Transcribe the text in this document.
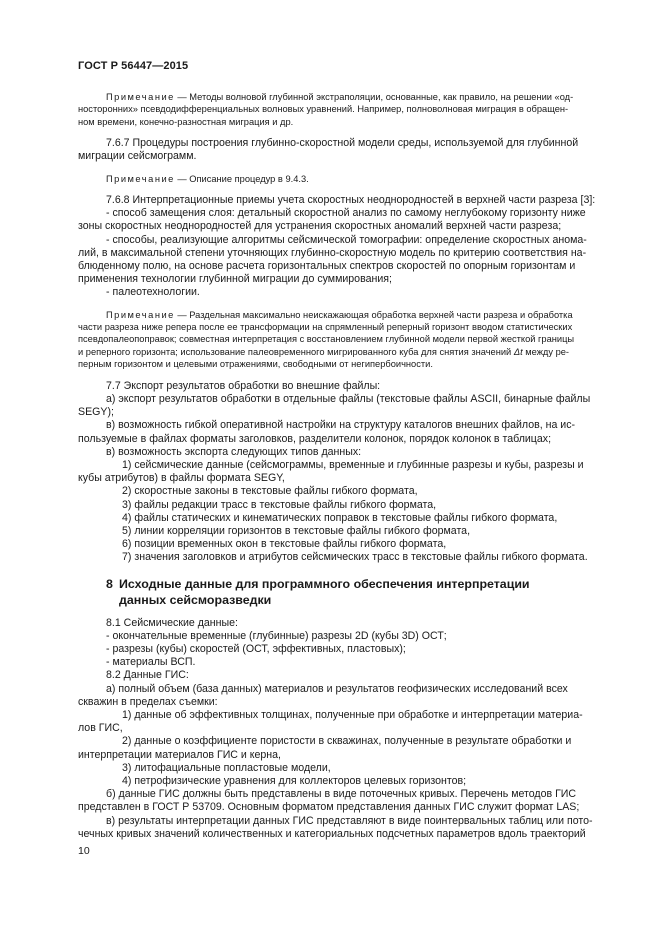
ГОСТ Р 56447—2015
Примечание — Методы волновой глубинной экстраполяции, основанные, как правило, на решении «од-
носторонних» псевдодифференциальных волновых уравнений. Например, полноволновая миграция в обращен-
ном времени, конечно-разностная миграция и др.
7.6.7 Процедуры построения глубинно-скоростной модели среды, используемой для глубинной
миграции сейсмограмм.
Примечание — Описание процедур в 9.4.3.
7.6.8 Интерпретационные приемы учета скоростных неоднородностей в верхней части разреза [3]:
- способ замещения слоя: детальный скоростной анализ по самому неглубокому горизонту ниже
зоны скоростных неоднородностей для устранения скоростных аномалий верхней части разреза;
- способы, реализующие алгоритмы сейсмической томографии: определение скоростных анома-
лий, в максимальной степени уточняющих глубинно-скоростную модель по критерию соответствия на-
блюденному полю, на основе расчета горизонтальных спектров скоростей по опорным горизонтам и
применения технологии глубинной миграции до суммирования;
- палеотехнологии.
Примечание — Раздельная максимально неискажающая обработка верхней части разреза и обработка
части разреза ниже репера после ее трансформации на спрямленный реперный горизонт вводом статистических
псевдопалеопоправок; совместная интерпретация с восстановлением глубинной модели первой жесткой границы
и реперного горизонта; использование палеовременного мигрированного куба для снятия значений Δt между ре-
перным горизонтом и целевыми отражениями, свободными от негипербоичности.
7.7 Экспорт результатов обработки во внешние файлы:
а) экспорт результатов обработки в отдельные файлы (текстовые файлы ASCII, бинарные файлы
SEGY);
в) возможность гибкой оперативной настройки на структуру каталогов внешних файлов, на ис-
пользуемые в файлах форматы заголовков, разделители колонок, порядок колонок в таблицах;
в) возможность экспорта следующих типов данных:
1) сейсмические данные (сейсмограммы, временные и глубинные разрезы и кубы, разрезы и
кубы атрибутов) в файлы формата SEGY,
2) скоростные законы в текстовые файлы гибкого формата,
3) файлы редакции трасс в текстовые файлы гибкого формата,
4) файлы статических и кинематических поправок в текстовые файлы гибкого формата,
5) линии корреляции горизонтов в текстовые файлы гибкого формата,
6) позиции временных окон в текстовые файлы гибкого формата,
7) значения заголовков и атрибутов сейсмических трасс в текстовые файлы гибкого формата.
8 Исходные данные для программного обеспечения интерпретации
данных сейсморазведки
8.1 Сейсмические данные:
- окончательные временные (глубинные) разрезы 2D (кубы 3D) ОСТ;
- разрезы (кубы) скоростей (ОСТ, эффективных, пластовых);
- материалы ВСП.
8.2 Данные ГИС:
а) полный объем (база данных) материалов и результатов геофизических исследований всех
скважин в пределах съемки:
1) данные об эффективных толщинах, полученные при обработке и интерпретации материа-
лов ГИС,
2) данные о коэффициенте пористости в скважинах, полученные в результате обработки и
интерпретации материалов ГИС и керна,
3) литофациальные попластовые модели,
4) петрофизические уравнения для коллекторов целевых горизонтов;
б) данные ГИС должны быть представлены в виде поточечных кривых. Перечень методов ГИС
представлен в ГОСТ Р 53709. Основным форматом представления данных ГИС служит формат LAS;
в) результаты интерпретации данных ГИС представляют в виде поинтервальных таблиц или пото-
чечных кривых значений количественных и категориальных подсчетных параметров вдоль траекторий
10
